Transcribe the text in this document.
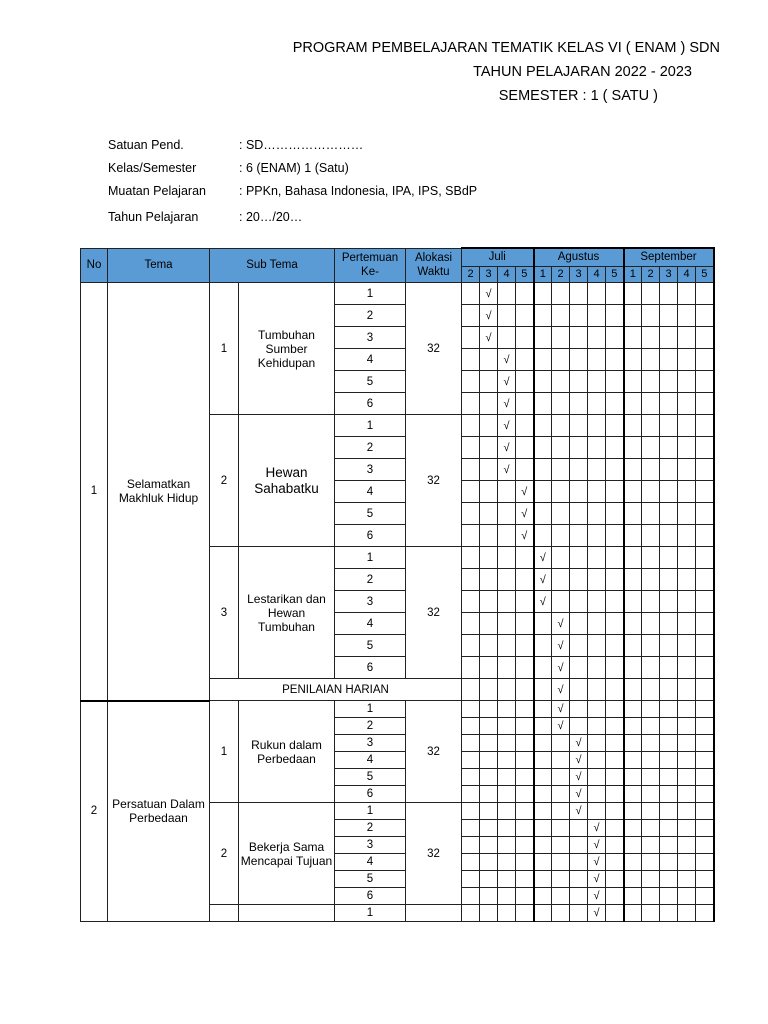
PROGRAM PEMBELAJARAN TEMATIK KELAS VI ( ENAM ) SDN
TAHUN PELAJARAN 2022 - 2023
SEMESTER : 1 ( SATU )
Satuan Pend.	: SD……………………
Kelas/Semester	: 6 (ENAM) 1 (Satu)
Muatan Pelajaran	: PPKn, Bahasa Indonesia, IPA, IPS, SBdP
Tahun Pelajaran	: 20…/20…
No	Tema	Sub Tema		Pertemuan Ke-	Alokasi Waktu	Juli				Agustus					September				
						2	3	4	5	1	2	3	4	5	1	2	3	4	5
1	Selamatkan Makhluk Hidup	1	Tumbuhan Sumber Kehidupan	1	32		√												
				2			√												
				3			√												
				4				√											
				5				√											
				6				√											
		2	Hewan Sahabatku	1	32			√											
				2				√											
				3				√											
				4					√										
				5					√										
				6					√										
		3	Lestarikan dan Hewan Tumbuhan	1	32					√									
				2						√									
				3						√									
				4							√								
				5							√								
				6							√								
		PENILAIAN HARIAN									√								
2	Persatuan Dalam Perbedaan	1	Rukun dalam Perbedaan	1	32						√								
				2							√								
				3								√							
				4								√							
				5								√							
				6								√							
		2	Bekerja Sama Mencapai Tujuan	1	32							√							
				2									√						
				3									√						
				4									√						
				5									√						
				6									√						
				1									√						
